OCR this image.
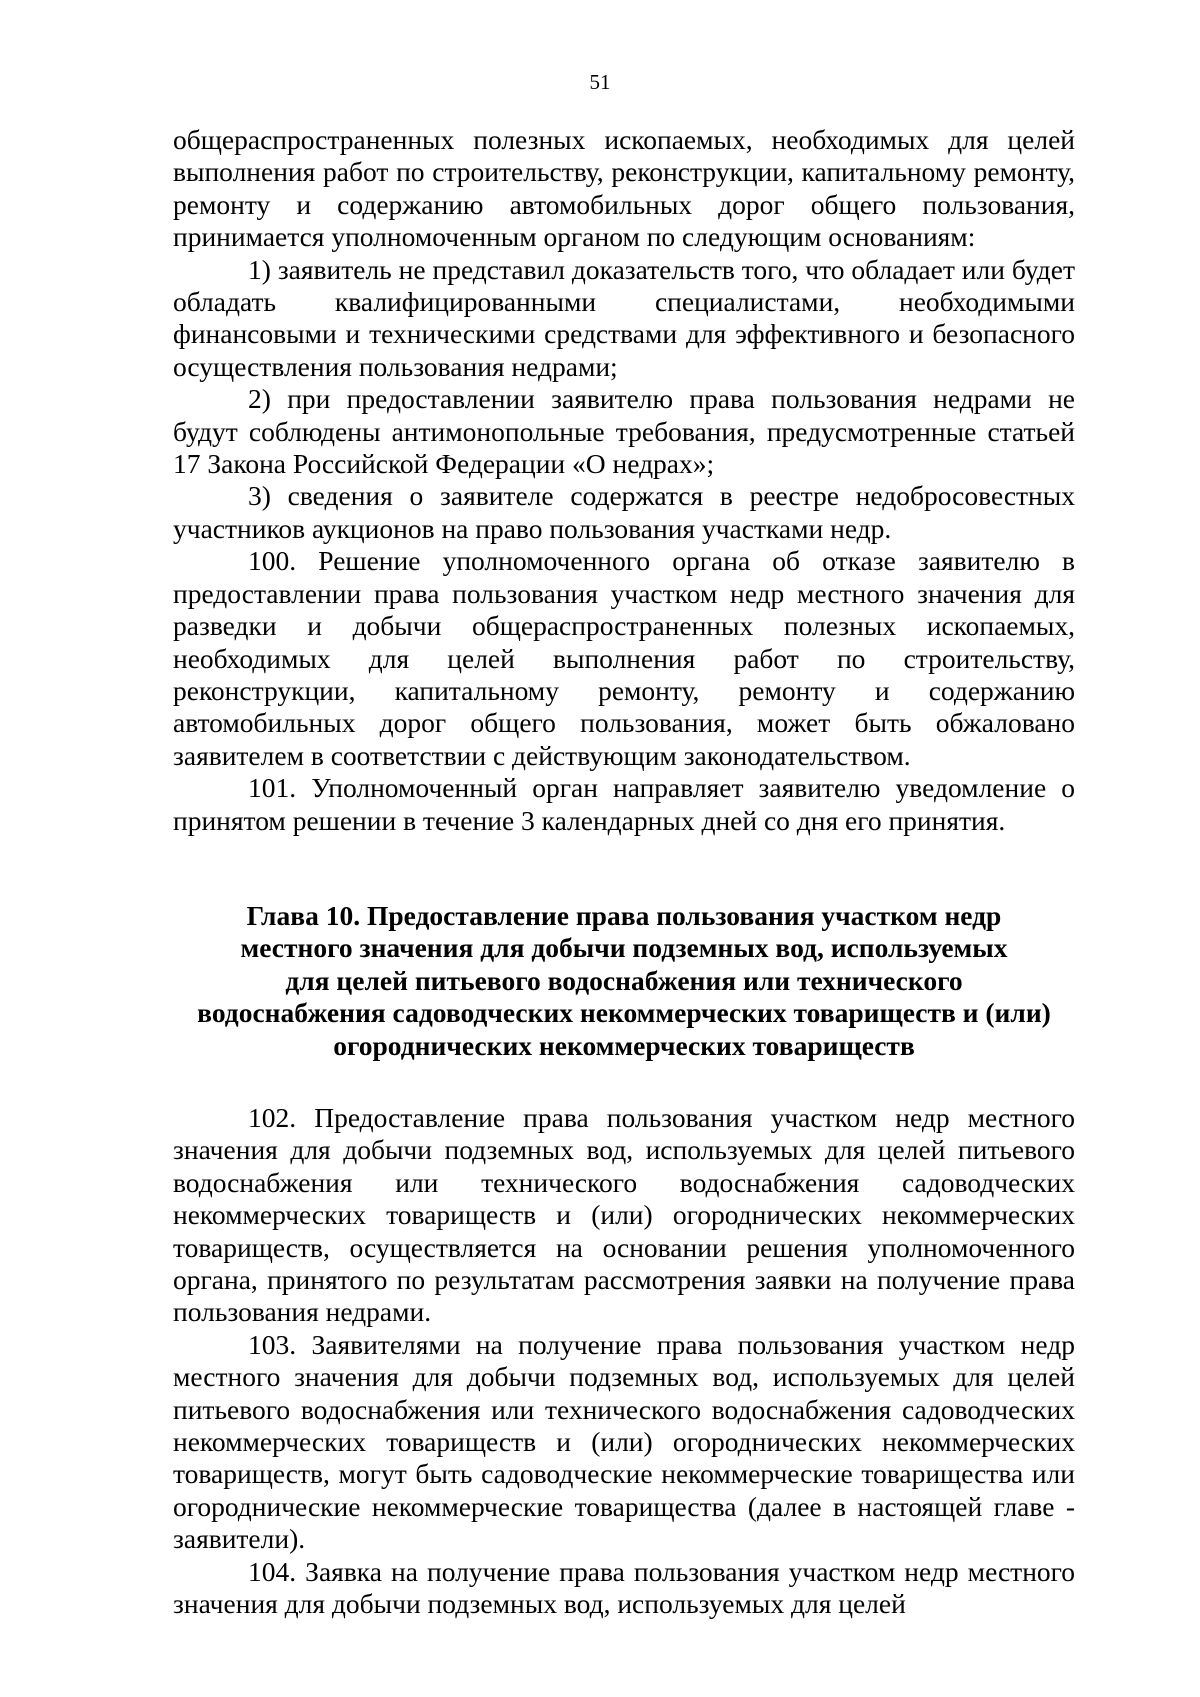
51

общераспространенных полезных ископаемых, необходимых для целей выполнения работ по строительству, реконструкции, капитальному ремонту, ремонту и содержанию автомобильных дорог общего пользования, принимается уполномоченным органом по следующим основаниям:

1) заявитель не представил доказательств того, что обладает или будет обладать квалифицированными специалистами, необходимыми финансовыми и техническими средствами для эффективного и безопасного осуществления пользования недрами;

2) при предоставлении заявителю права пользования недрами не будут соблюдены антимонопольные требования, предусмотренные статьей 17 Закона Российской Федерации «О недрах»;

3) сведения о заявителе содержатся в реестре недобросовестных участников аукционов на право пользования участками недр.

100. Решение уполномоченного органа об отказе заявителю в предоставлении права пользования участком недр местного значения для разведки и добычи общераспространенных полезных ископаемых, необходимых для целей выполнения работ по строительству, реконструкции, капитальному ремонту, ремонту и содержанию автомобильных дорог общего пользования, может быть обжаловано заявителем в соответствии с действующим законодательством.

101. Уполномоченный орган направляет заявителю уведомление о принятом решении в течение 3 календарных дней со дня его принятия.

Глава 10. Предоставление права пользования участком недр
местного значения для добычи подземных вод, используемых
для целей питьевого водоснабжения или технического
водоснабжения садоводческих некоммерческих товариществ и (или)
огороднических некоммерческих товариществ

102. Предоставление права пользования участком недр местного значения для добычи подземных вод, используемых для целей питьевого водоснабжения или технического водоснабжения садоводческих некоммерческих товариществ и (или) огороднических некоммерческих товариществ, осуществляется на основании решения уполномоченного органа, принятого по результатам рассмотрения заявки на получение права пользования недрами.

103. Заявителями на получение права пользования участком недр местного значения для добычи подземных вод, используемых для целей питьевого водоснабжения или технического водоснабжения садоводческих некоммерческих товариществ и (или) огороднических некоммерческих товариществ, могут быть садоводческие некоммерческие товарищества или огороднические некоммерческие товарищества (далее в настоящей главе - заявители).

104. Заявка на получение права пользования участком недр местного значения для добычи подземных вод, используемых для целей
